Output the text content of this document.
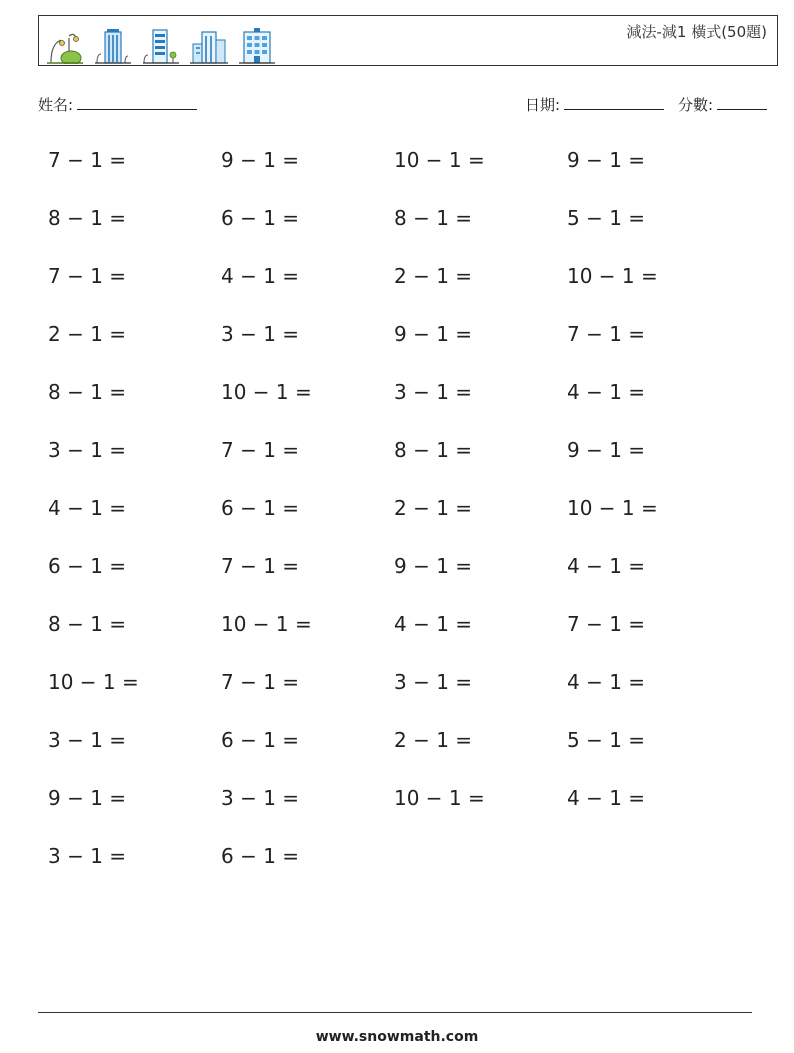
減法-減1 橫式(50題)
姓名:	日期:	分數:
7 − 1 =	9 − 1 =	10 − 1 =	9 − 1 =
8 − 1 =	6 − 1 =	8 − 1 =	5 − 1 =
7 − 1 =	4 − 1 =	2 − 1 =	10 − 1 =
2 − 1 =	3 − 1 =	9 − 1 =	7 − 1 =
8 − 1 =	10 − 1 =	3 − 1 =	4 − 1 =
3 − 1 =	7 − 1 =	8 − 1 =	9 − 1 =
4 − 1 =	6 − 1 =	2 − 1 =	10 − 1 =
6 − 1 =	7 − 1 =	9 − 1 =	4 − 1 =
8 − 1 =	10 − 1 =	4 − 1 =	7 − 1 =
10 − 1 =	7 − 1 =	3 − 1 =	4 − 1 =
3 − 1 =	6 − 1 =	2 − 1 =	5 − 1 =
9 − 1 =	3 − 1 =	10 − 1 =	4 − 1 =
3 − 1 =	6 − 1 =
www.snowmath.com
